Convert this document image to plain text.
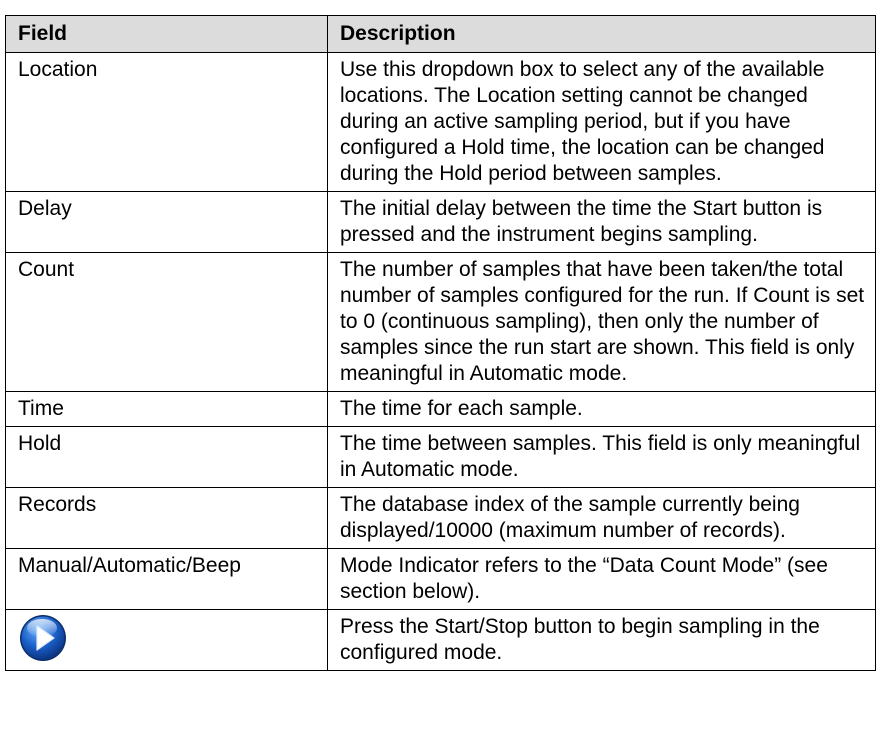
Field	Description
Location	Use this dropdown box to select any of the available locations. The Location setting cannot be changed during an active sampling period, but if you have configured a Hold time, the location can be changed during the Hold period between samples.
Delay	The initial delay between the time the Start button is pressed and the instrument begins sampling.
Count	The number of samples that have been taken/the total number of samples configured for the run. If Count is set to 0 (continuous sampling), then only the number of samples since the run start are shown. This field is only meaningful in Automatic mode.
Time	The time for each sample.
Hold	The time between samples. This field is only meaningful in Automatic mode.
Records	The database index of the sample currently being displayed/10000 (maximum number of records).
Manual/Automatic/Beep	Mode Indicator refers to the “Data Count Mode” (see section below).

	Press the Start/Stop button to begin sampling in the configured mode.
